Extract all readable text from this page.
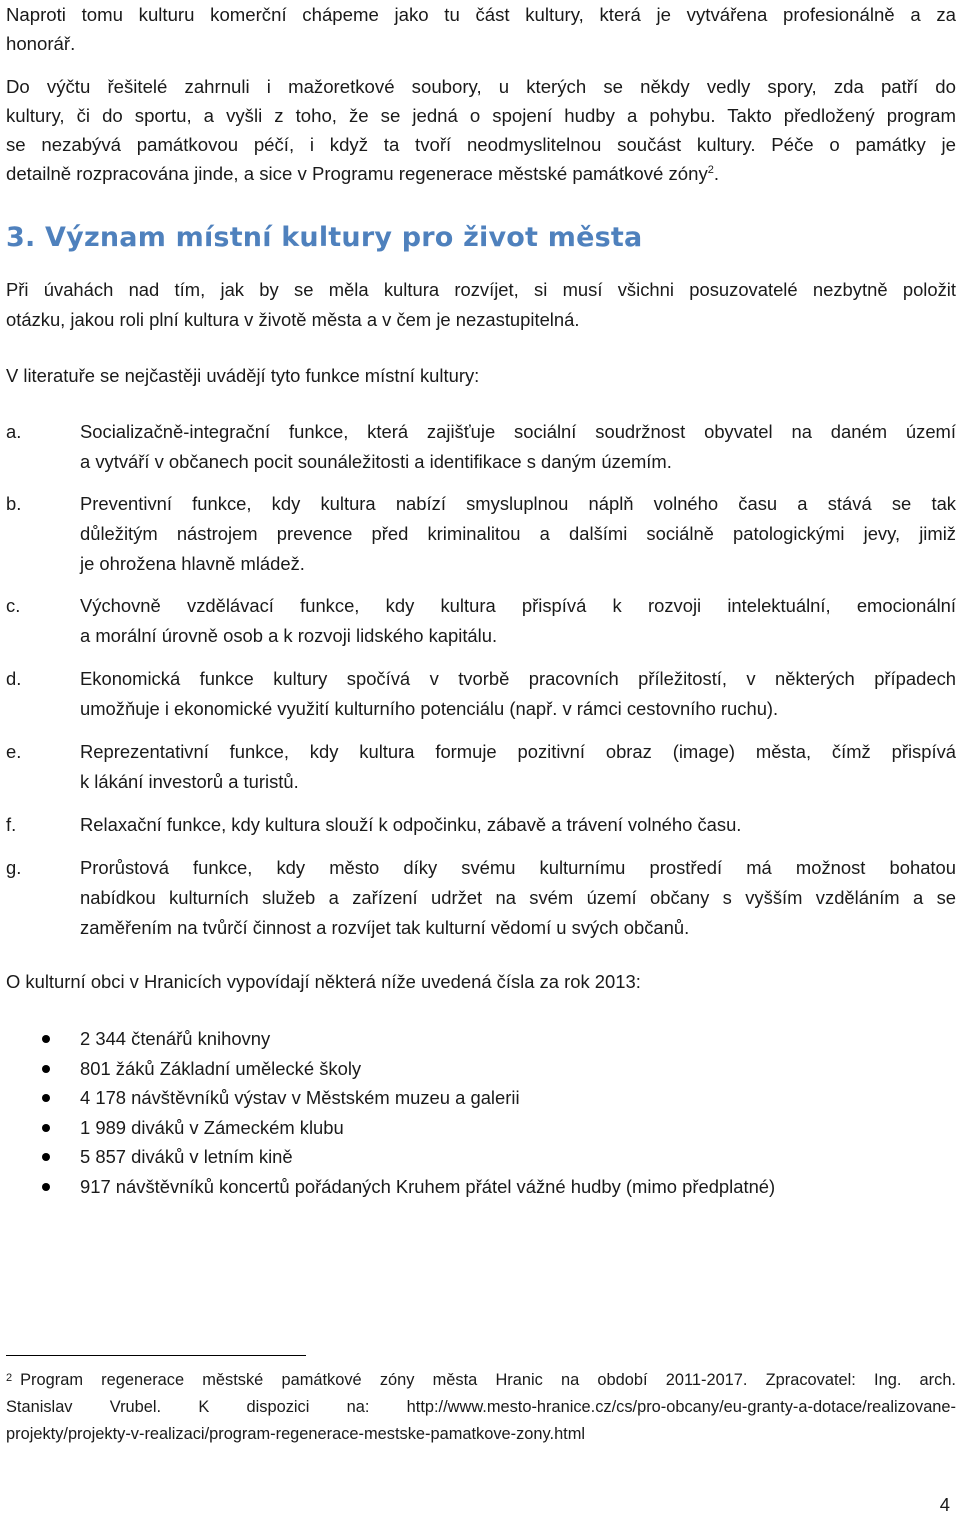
Naproti tomu kulturu komerční chápeme jako tu část kultury, která je vytvářena profesionálně a za
honorář.
Do výčtu řešitelé zahrnuli i mažoretkové soubory, u kterých se někdy vedly spory, zda patří do
kultury, či do sportu, a vyšli z toho, že se jedná o spojení hudby a pohybu. Takto předložený program
se nezabývá památkovou péčí, i když ta tvoří neodmyslitelnou součást kultury. Péče o památky je
detailně rozpracována jinde, a sice v Programu regenerace městské památkové zóny$^2$.
3. Význam místní kultury pro život města
Při úvahách nad tím, jak by se měla kultura rozvíjet, si musí všichni posuzovatelé nezbytně položit
otázku, jakou roli plní kultura v životě města a v čem je nezastupitelná.
V literatuře se nejčastěji uvádějí tyto funkce místní kultury:
a.	Socializačně-integrační funkce, která zajišťuje sociální soudržnost obyvatel na daném území
a vytváří v občanech pocit sounáležitosti a identifikace s daným územím.
b.	Preventivní funkce, kdy kultura nabízí smysluplnou náplň volného času a stává se tak
důležitým nástrojem prevence před kriminalitou a dalšími sociálně patologickými jevy, jimiž
je ohrožena hlavně mládež.
c.	Výchovně vzdělávací funkce, kdy kultura přispívá k rozvoji intelektuální, emocionální
a morální úrovně osob a k rozvoji lidského kapitálu.
d.	Ekonomická funkce kultury spočívá v tvorbě pracovních příležitostí, v některých případech
umožňuje i ekonomické využití kulturního potenciálu (např. v rámci cestovního ruchu).
e.	Reprezentativní funkce, kdy kultura formuje pozitivní obraz (image) města, čímž přispívá
k lákání investorů a turistů.
f.	Relaxační funkce, kdy kultura slouží k odpočinku, zábavě a trávení volného času.
g.	Prorůstová funkce, kdy město díky svému kulturnímu prostředí má možnost bohatou
nabídkou kulturních služeb a zařízení udržet na svém území občany s vyšším vzděláním a se
zaměřením na tvůrčí činnost a rozvíjet tak kulturní vědomí u svých občanů.
O kulturní obci v Hranicích vypovídají některá níže uvedená čísla za rok 2013:
2 344 čtenářů knihovny
801 žáků Základní umělecké školy
4 178 návštěvníků výstav v Městském muzeu a galerii
1 989 diváků v Zámeckém klubu
5 857 diváků v letním kině
917 návštěvníků koncertů pořádaných Kruhem přátel vážné hudby (mimo předplatné)
2 Program regenerace městské památkové zóny města Hranic na období 2011-2017. Zpracovatel: Ing. arch.
Stanislav Vrubel. K dispozici na: http://www.mesto-hranice.cz/cs/pro-obcany/eu-granty-a-dotace/realizovane-
projekty/projekty-v-realizaci/program-regenerace-mestske-pamatkove-zony.html
4
